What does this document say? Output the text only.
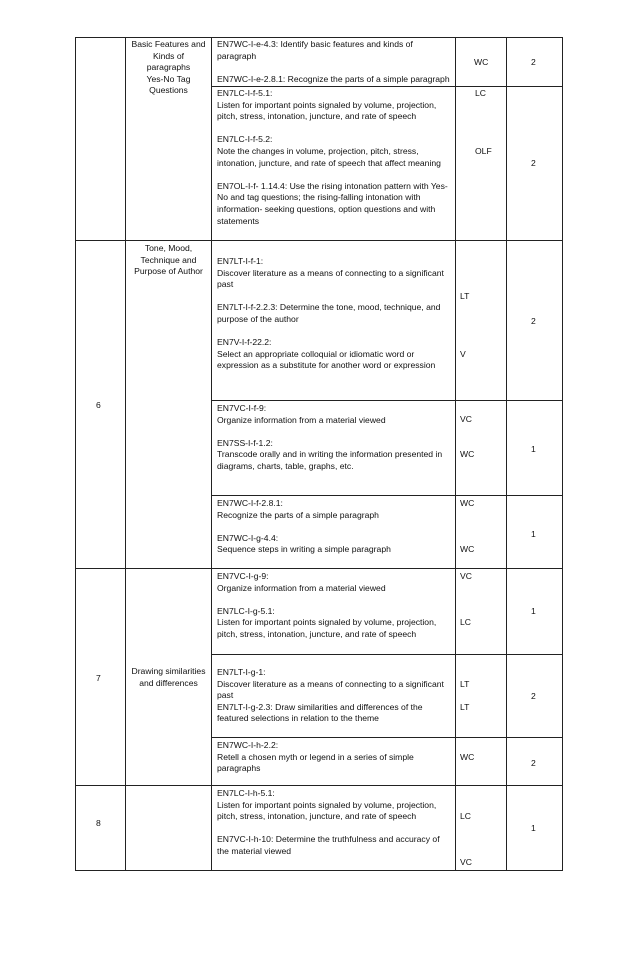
Basic Features and
Kinds of
paragraphs
Yes-No Tag
Questions
EN7WC-I-e-4.3: Identify basic features and kinds of
paragraph

EN7WC-I-e-2.8.1: Recognize the parts of a simple paragraph
WC	2
EN7LC-I-f-5.1:
Listen for important points signaled by volume, projection,
pitch, stress, intonation, juncture, and rate of speech

EN7LC-I-f-5.2:
Note the changes in volume, projection, pitch, stress,
intonation, juncture, and rate of speech that affect meaning

EN7OL-I-f- 1.14.4: Use the rising intonation pattern with Yes-
No and tag questions; the rising-falling intonation with
information- seeking questions, option questions and with
statements
LC

OLF
2
6
Tone, Mood,
Technique and
Purpose of Author
EN7LT-I-f-1:
Discover literature as a means of connecting to a significant
past

EN7LT-I-f-2.2.3: Determine the tone, mood, technique, and
purpose of the author

EN7V-I-f-22.2:
Select an appropriate colloquial or idiomatic word or
expression as a substitute for another word or expression
LT

V
2
EN7VC-I-f-9:
Organize information from a material viewed

EN7SS-I-f-1.2:
Transcode orally and in writing the information presented in
diagrams, charts, table, graphs, etc.
VC

WC	1
EN7WC-I-f-2.8.1:
Recognize the parts of a simple paragraph

EN7WC-I-g-4.4:
Sequence steps in writing a simple paragraph
WC

WC
1
7
Drawing similarities
and differences
EN7VC-I-g-9:
Organize information from a material viewed

EN7LC-I-g-5.1:
Listen for important points signaled by volume, projection,
pitch, stress, intonation, juncture, and rate of speech
VC

LC
1
EN7LT-I-g-1:
Discover literature as a means of connecting to a significant
past
EN7LT-I-g-2.3: Draw similarities and differences of the
featured selections in relation to the theme
LT

LT
2
EN7WC-I-h-2.2:
Retell a chosen myth or legend in a series of simple
paragraphs
WC
2
8
EN7LC-I-h-5.1:
Listen for important points signaled by volume, projection,
pitch, stress, intonation, juncture, and rate of speech

EN7VC-I-h-10: Determine the truthfulness and accuracy of
the material viewed
LC

VC
1
